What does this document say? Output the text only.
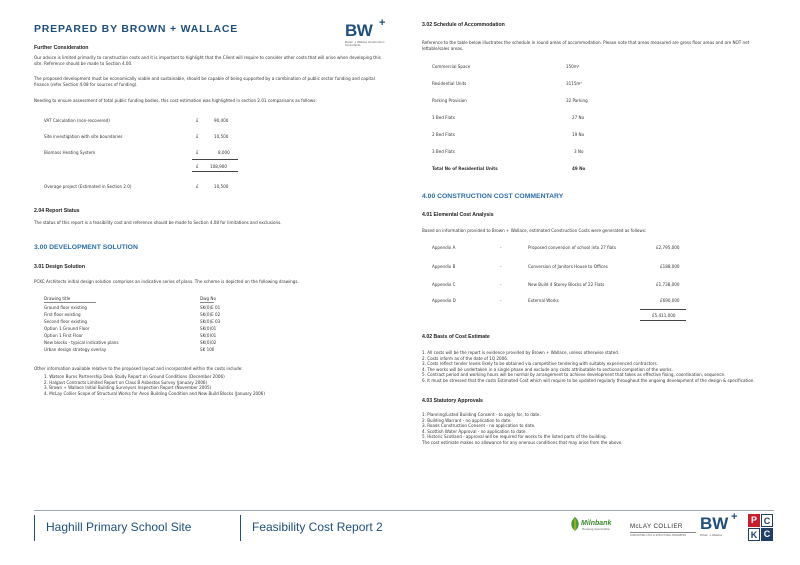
PREPARED BY BROWN + WALLACE	BW +
Brown + Wallace Construction Consultants
Further Consideration
Our advice is limited primarily to construction costs and it is important to highlight that the Client will require to consider other costs that will arise when developing this site. Reference should be made to Section 4.00.
The proposed development must be economically viable and sustainable, should be capable of being supported by a combination of public sector funding and capital finance (refer Section 4.08 for sources of funding).
Needing to ensure assessment of total public funding bodies, this cost estimation was highlighted in section 2.01 comparisons as follows:
VAT Calculation (non-recovered)	£	90,400
Site investigation with site boundaries	£	10,500
Biomass Heating System	£	8,000
£	108,900
Overage project (Estimated in Section 2.0)	£	10,500
2.04 Report Status
The status of this report is a feasibility cost and reference should be made to Section 4.08 for limitations and exclusions.
3.00 DEVELOPMENT SOLUTION
3.01 Design Solution
PCKC Architects initial design solution comprises an indicative series of plans. The scheme is depicted on the following drawings.
Drawing title	Dwg No
Ground floor existing	SK(0)E 01
First floor existing	SK(0)E 02
Second floor existing	SK(0)E 03
Option 1 Ground Floor	SK(0)01
Option 1 First Floor	SK(0)01
New blocks - typical indicative plans	SK(0)02
Urban design strategy overlay	SK 100
Other information available relative to the proposed layout and incorporated within the costs include:
1. Watson Burns Partnership Desk Study Report on Ground Conditions (December 2006)
2. Halgavt Contracts Limited Report on Class B Asbestos Survey (January 2006)
3. Brown + Wallace Initial Building Surveyors Inspection Report (November 2005)
4. McLay Collier Scope of Structural Works for Avon Building Condition and New Build Blocks (January 2006)
3.02 Schedule of Accommodation
Reference to the table below illustrates the schedule in round areas of accommodation. Please note that areas measured are gross floor areas and are NOT net lettable/sales areas.
Commercial Space	150m²
Residential Units	3115m²
Parking Provision	32 Parking
1 Bed Flats	27 No
2 Bed Flats	19 No
3 Bed Flats	3 No
Total No of Residential Units	49 No
4.00 CONSTRUCTION COST COMMENTARY
4.01 Elemental Cost Analysis
Based on information provided to Brown + Wallace, estimated Construction Costs were generated as follows:
Appendix A	-	Proposed conversion of school into 27 flats	£2,795,000
Appendix B	-	Conversion of Janitors House to Offices	£188,000
Appendix C	-	New Build 4 Storey Blocks of 22 Flats	£1,738,000
Appendix D	-	External Works	£690,000
£5,411,000
4.02 Basis of Cost Estimate
1. All costs will be the report is evidence provided by Brown + Wallace, unless otherwise stated.
2. Costs inform as of the date of 1Q 2006.
3. Costs reflect tender levels likely to be obtained via competitive tendering with suitably experienced contractors.
4. The works will be undertaken in a single phase and exclude any costs attributable to sectional completion of the works.
5. Contract period and working hours will be normal by arrangement to achieve development that takes as effective fixing, coordination, sequence.
6. It must be stressed that the costs Estimated Cost which will require to be updated regularly throughout the ongoing development of the design & specification.
4.03 Statutory Approvals
1. Planning/Listed Building Consent - to apply for, to date.
2. Building Warrant - no application to date.
3. Roads Construction Consent - no application to date.
4. Scottish Water Approval - no application to date.
5. Historic Scotland - approval will be required for works to the listed parts of the building.
The cost estimate makes no allowance for any onerous conditions that may arise from the above.
Haghill Primary School Site	Feasibility Cost Report 2	Milnbank
Housing Association	McLAY COLLIER
CONSULTING CIVIL & STRUCTURAL ENGINEERS
BW +
Brown + Wallace
P C
K C
